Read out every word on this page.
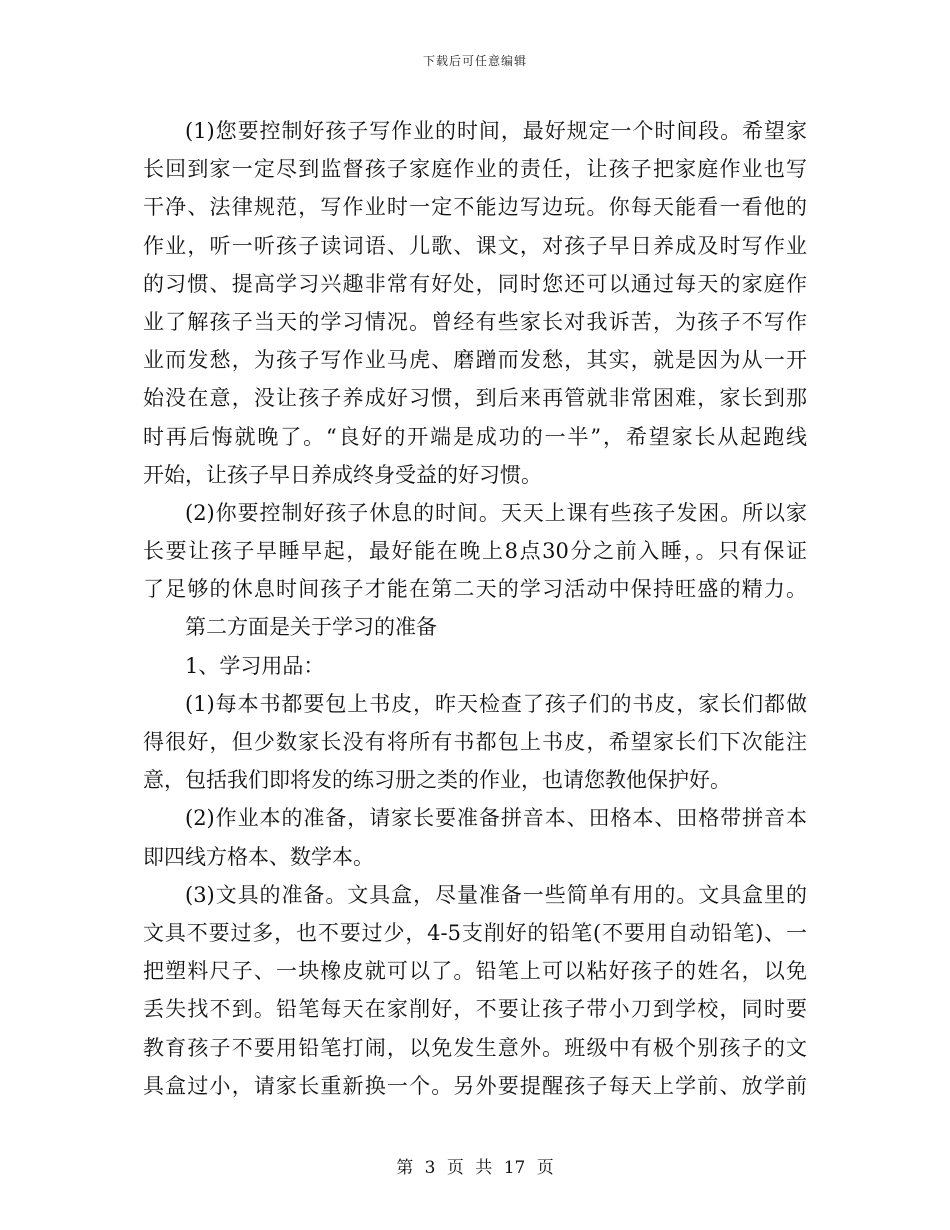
下载后可任意编辑
(1)您要控制好孩子写作业的时间，最好规定一个时间段。希望家
长回到家一定尽到监督孩子家庭作业的责任，让孩子把家庭作业也写
干净、法律规范，写作业时一定不能边写边玩。你每天能看一看他的
作业，听一听孩子读词语、儿歌、课文，对孩子早日养成及时写作业
的习惯、提高学习兴趣非常有好处，同时您还可以通过每天的家庭作
业了解孩子当天的学习情况。曾经有些家长对我诉苦，为孩子不写作
业而发愁，为孩子写作业马虎、磨蹭而发愁，其实，就是因为从一开
始没在意，没让孩子养成好习惯，到后来再管就非常困难，家长到那
时再后悔就晚了。“良好的开端是成功的一半”，希望家长从起跑线
开始，让孩子早日养成终身受益的好习惯。
(2)你要控制好孩子休息的时间。天天上课有些孩子发困。所以家
长要让孩子早睡早起，最好能在晚上8点30分之前入睡，。只有保证
了足够的休息时间孩子才能在第二天的学习活动中保持旺盛的精力。
第二方面是关于学习的准备
1、学习用品：
(1)每本书都要包上书皮，昨天检查了孩子们的书皮，家长们都做
得很好，但少数家长没有将所有书都包上书皮，希望家长们下次能注
意，包括我们即将发的练习册之类的作业，也请您教他保护好。
(2)作业本的准备，请家长要准备拼音本、田格本、田格带拼音本
即四线方格本、数学本。
(3)文具的准备。文具盒，尽量准备一些简单有用的。文具盒里的
文具不要过多，也不要过少，4-5支削好的铅笔(不要用自动铅笔)、一
把塑料尺子、一块橡皮就可以了。铅笔上可以粘好孩子的姓名，以免
丢失找不到。铅笔每天在家削好，不要让孩子带小刀到学校，同时要
教育孩子不要用铅笔打闹，以免发生意外。班级中有极个别孩子的文
具盒过小，请家长重新换一个。另外要提醒孩子每天上学前、放学前
第 3 页 共 17 页
